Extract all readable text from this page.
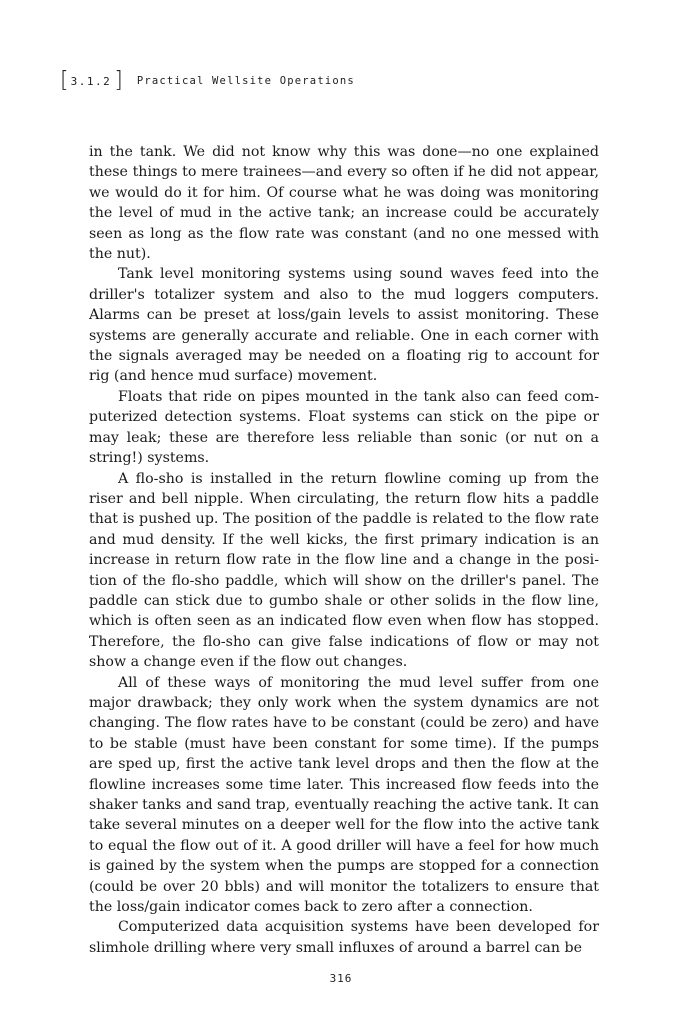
[ 3.1.2 ] Practical Wellsite Operations

in the tank. We did not know why this was done—no one explained these things to mere trainees—and every so often if he did not appear, we would do it for him. Of course what he was doing was monitoring the level of mud in the active tank; an increase could be accurately seen as long as the flow rate was constant (and no one messed with the nut).

Tank level monitoring systems using sound waves feed into the driller's totalizer system and also to the mud loggers computers. Alarms can be preset at loss/gain levels to assist monitoring. These systems are generally accurate and reliable. One in each corner with the signals averaged may be needed on a floating rig to account for rig (and hence mud surface) movement.

Floats that ride on pipes mounted in the tank also can feed computerized detection systems. Float systems can stick on the pipe or may leak; these are therefore less reliable than sonic (or nut on a string!) systems.

A flo-sho is installed in the return flowline coming up from the riser and bell nipple. When circulating, the return flow hits a paddle that is pushed up. The position of the paddle is related to the flow rate and mud density. If the well kicks, the first primary indication is an increase in return flow rate in the flow line and a change in the position of the flo-sho paddle, which will show on the driller's panel. The paddle can stick due to gumbo shale or other solids in the flow line, which is often seen as an indicated flow even when flow has stopped. Therefore, the flo-sho can give false indications of flow or may not show a change even if the flow out changes.

All of these ways of monitoring the mud level suffer from one major drawback; they only work when the system dynamics are not changing. The flow rates have to be constant (could be zero) and have to be stable (must have been constant for some time). If the pumps are sped up, first the active tank level drops and then the flow at the flowline increases some time later. This increased flow feeds into the shaker tanks and sand trap, eventually reaching the active tank. It can take several minutes on a deeper well for the flow into the active tank to equal the flow out of it. A good driller will have a feel for how much is gained by the system when the pumps are stopped for a connection (could be over 20 bbls) and will monitor the totalizers to ensure that the loss/gain indicator comes back to zero after a connection.

Computerized data acquisition systems have been developed for slimhole drilling where very small influxes of around a barrel can be

316
